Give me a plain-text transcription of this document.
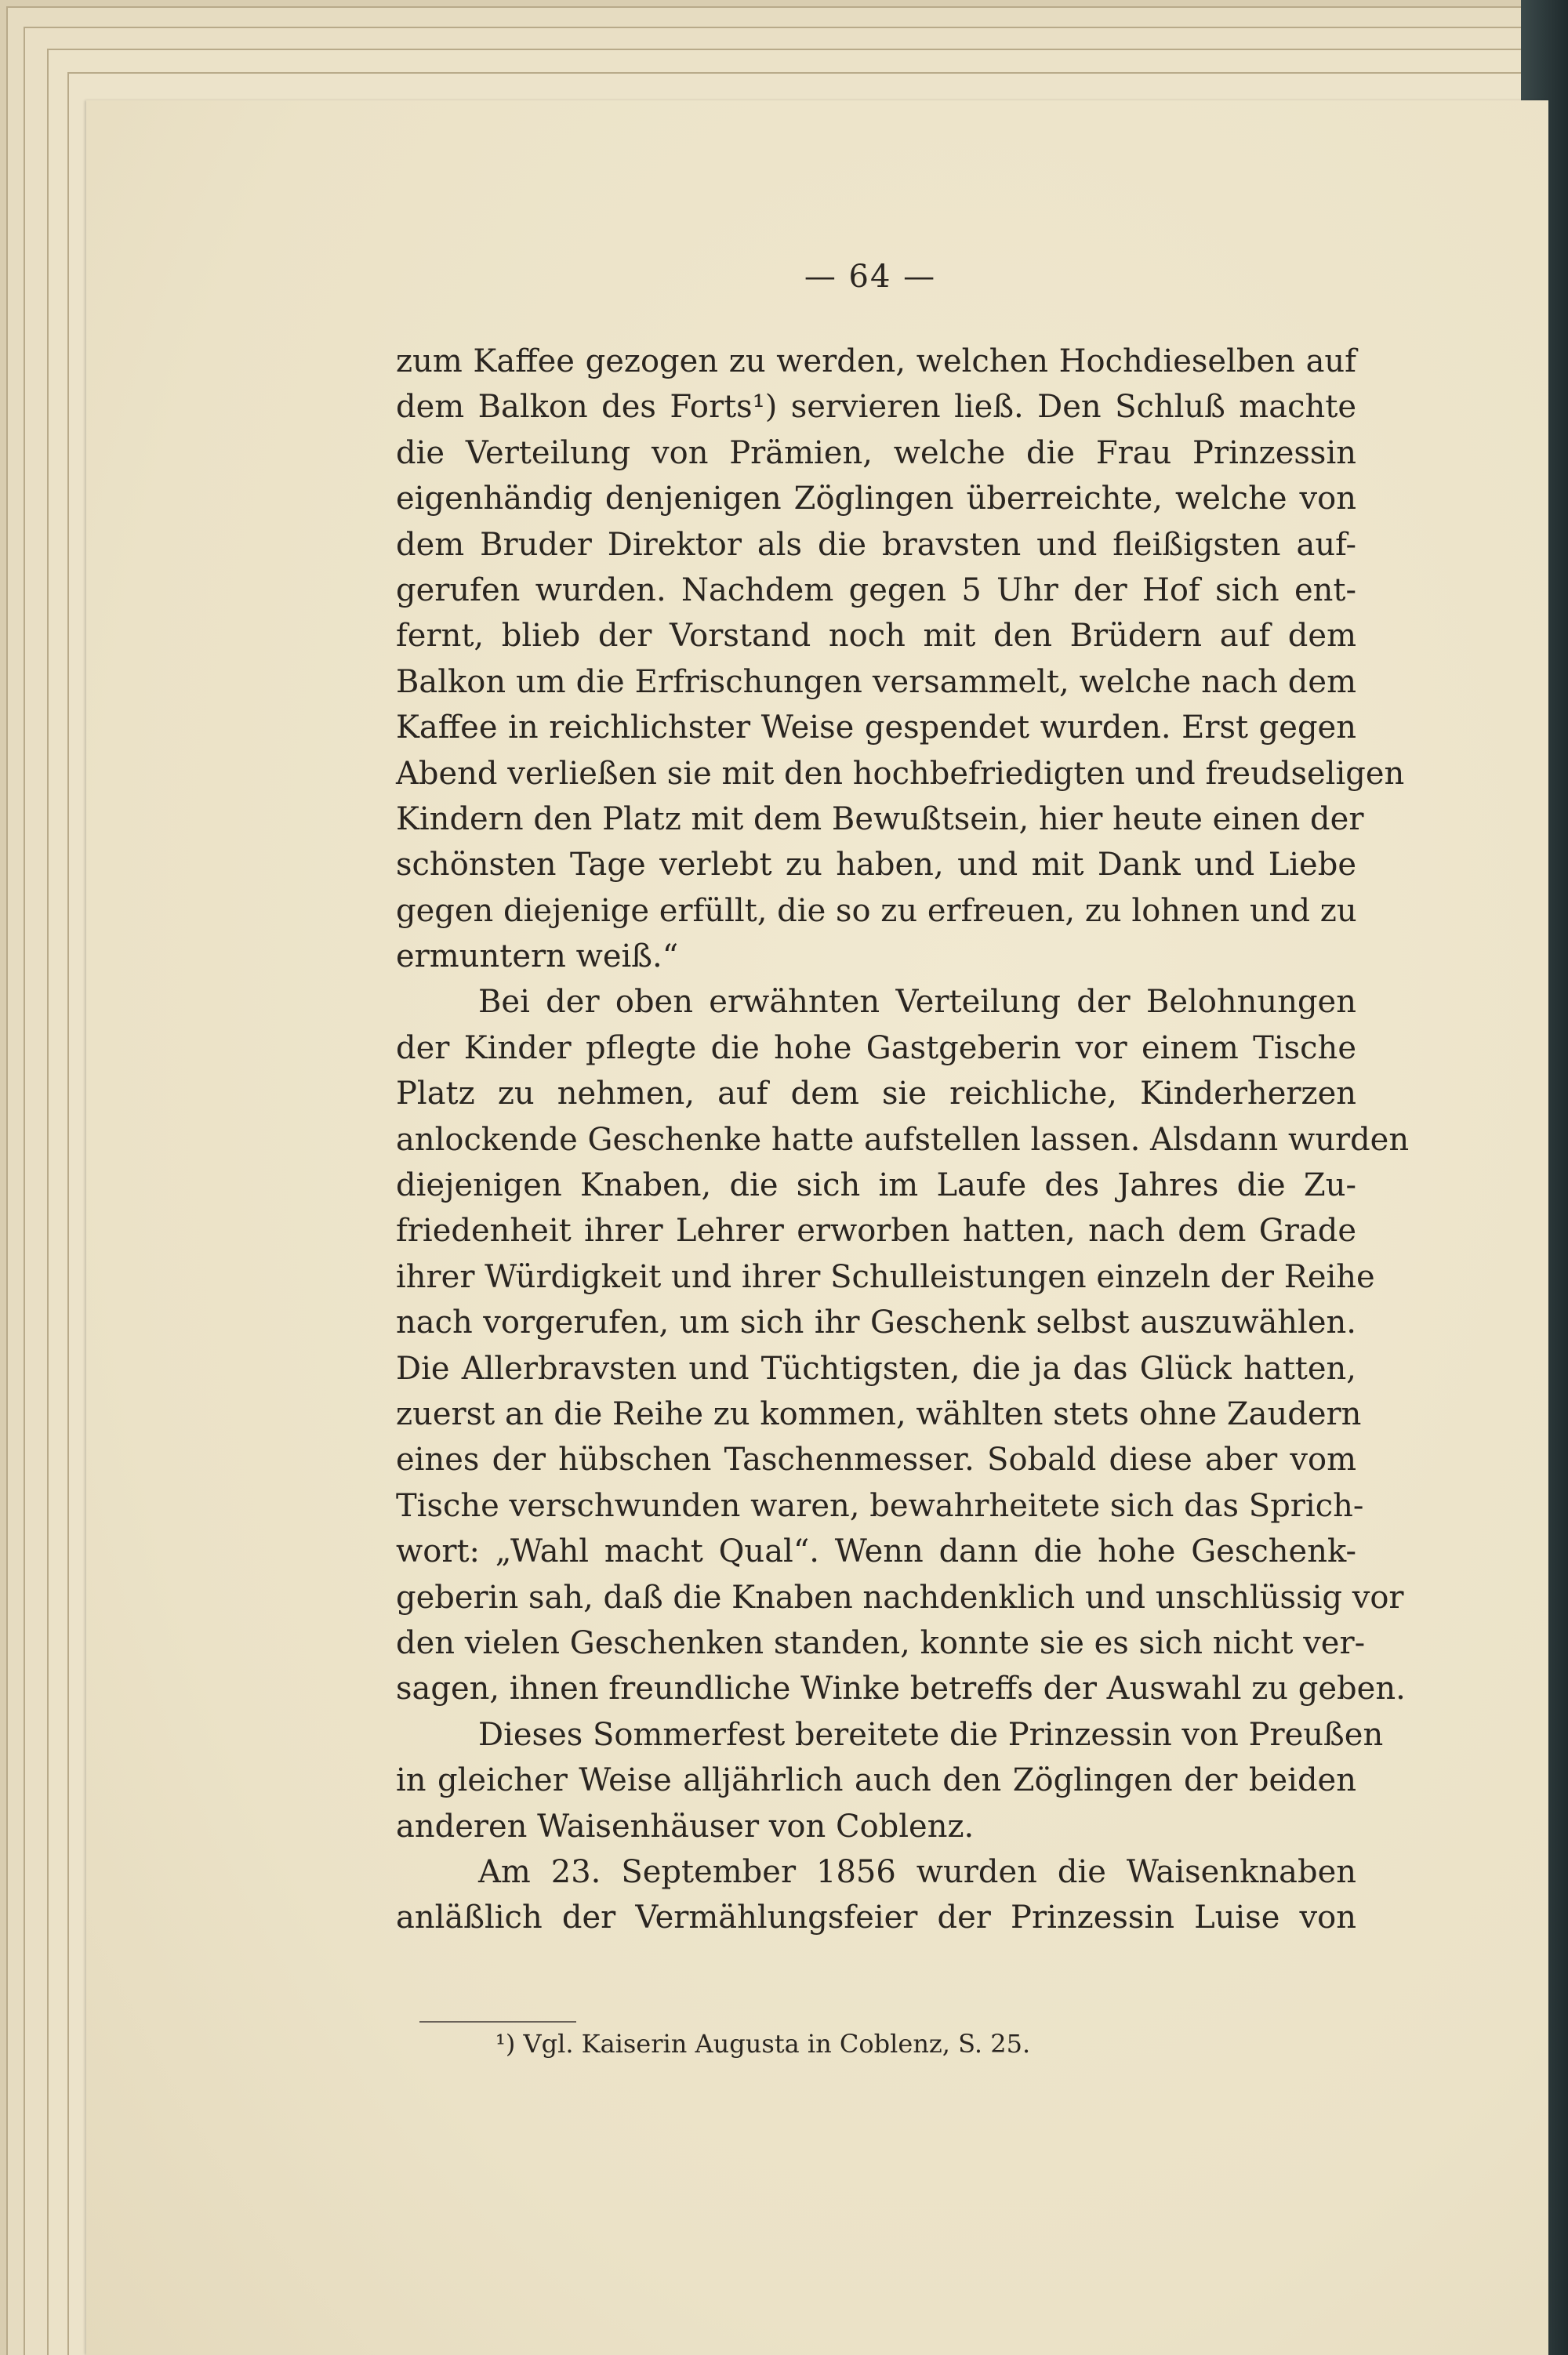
— 64 —
zum Kaffee gezogen zu werden, welchen Hochdieselben auf
dem Balkon des Forts¹) servieren ließ. Den Schluß machte
die Verteilung von Prämien, welche die Frau Prinzessin
eigenhändig denjenigen Zöglingen überreichte, welche von
dem Bruder Direktor als die bravsten und fleißigsten auf-
gerufen wurden. Nachdem gegen 5 Uhr der Hof sich ent-
fernt, blieb der Vorstand noch mit den Brüdern auf dem
Balkon um die Erfrischungen versammelt, welche nach dem
Kaffee in reichlichster Weise gespendet wurden. Erst gegen
Abend verließen sie mit den hochbefriedigten und freudseligen
Kindern den Platz mit dem Bewußtsein, hier heute einen der
schönsten Tage verlebt zu haben, und mit Dank und Liebe
gegen diejenige erfüllt, die so zu erfreuen, zu lohnen und zu
ermuntern weiß.“
Bei der oben erwähnten Verteilung der Belohnungen
der Kinder pflegte die hohe Gastgeberin vor einem Tische
Platz zu nehmen, auf dem sie reichliche, Kinderherzen
anlockende Geschenke hatte aufstellen lassen. Alsdann wurden
diejenigen Knaben, die sich im Laufe des Jahres die Zu-
friedenheit ihrer Lehrer erworben hatten, nach dem Grade
ihrer Würdigkeit und ihrer Schulleistungen einzeln der Reihe
nach vorgerufen, um sich ihr Geschenk selbst auszuwählen.
Die Allerbravsten und Tüchtigsten, die ja das Glück hatten,
zuerst an die Reihe zu kommen, wählten stets ohne Zaudern
eines der hübschen Taschenmesser. Sobald diese aber vom
Tische verschwunden waren, bewahrheitete sich das Sprich-
wort: „Wahl macht Qual“. Wenn dann die hohe Geschenk-
geberin sah, daß die Knaben nachdenklich und unschlüssig vor
den vielen Geschenken standen, konnte sie es sich nicht ver-
sagen, ihnen freundliche Winke betreffs der Auswahl zu geben.
Dieses Sommerfest bereitete die Prinzessin von Preußen
in gleicher Weise alljährlich auch den Zöglingen der beiden
anderen Waisenhäuser von Coblenz.
Am 23. September 1856 wurden die Waisenknaben
anläßlich der Vermählungsfeier der Prinzessin Luise von
¹) Vgl. Kaiserin Augusta in Coblenz, S. 25.
